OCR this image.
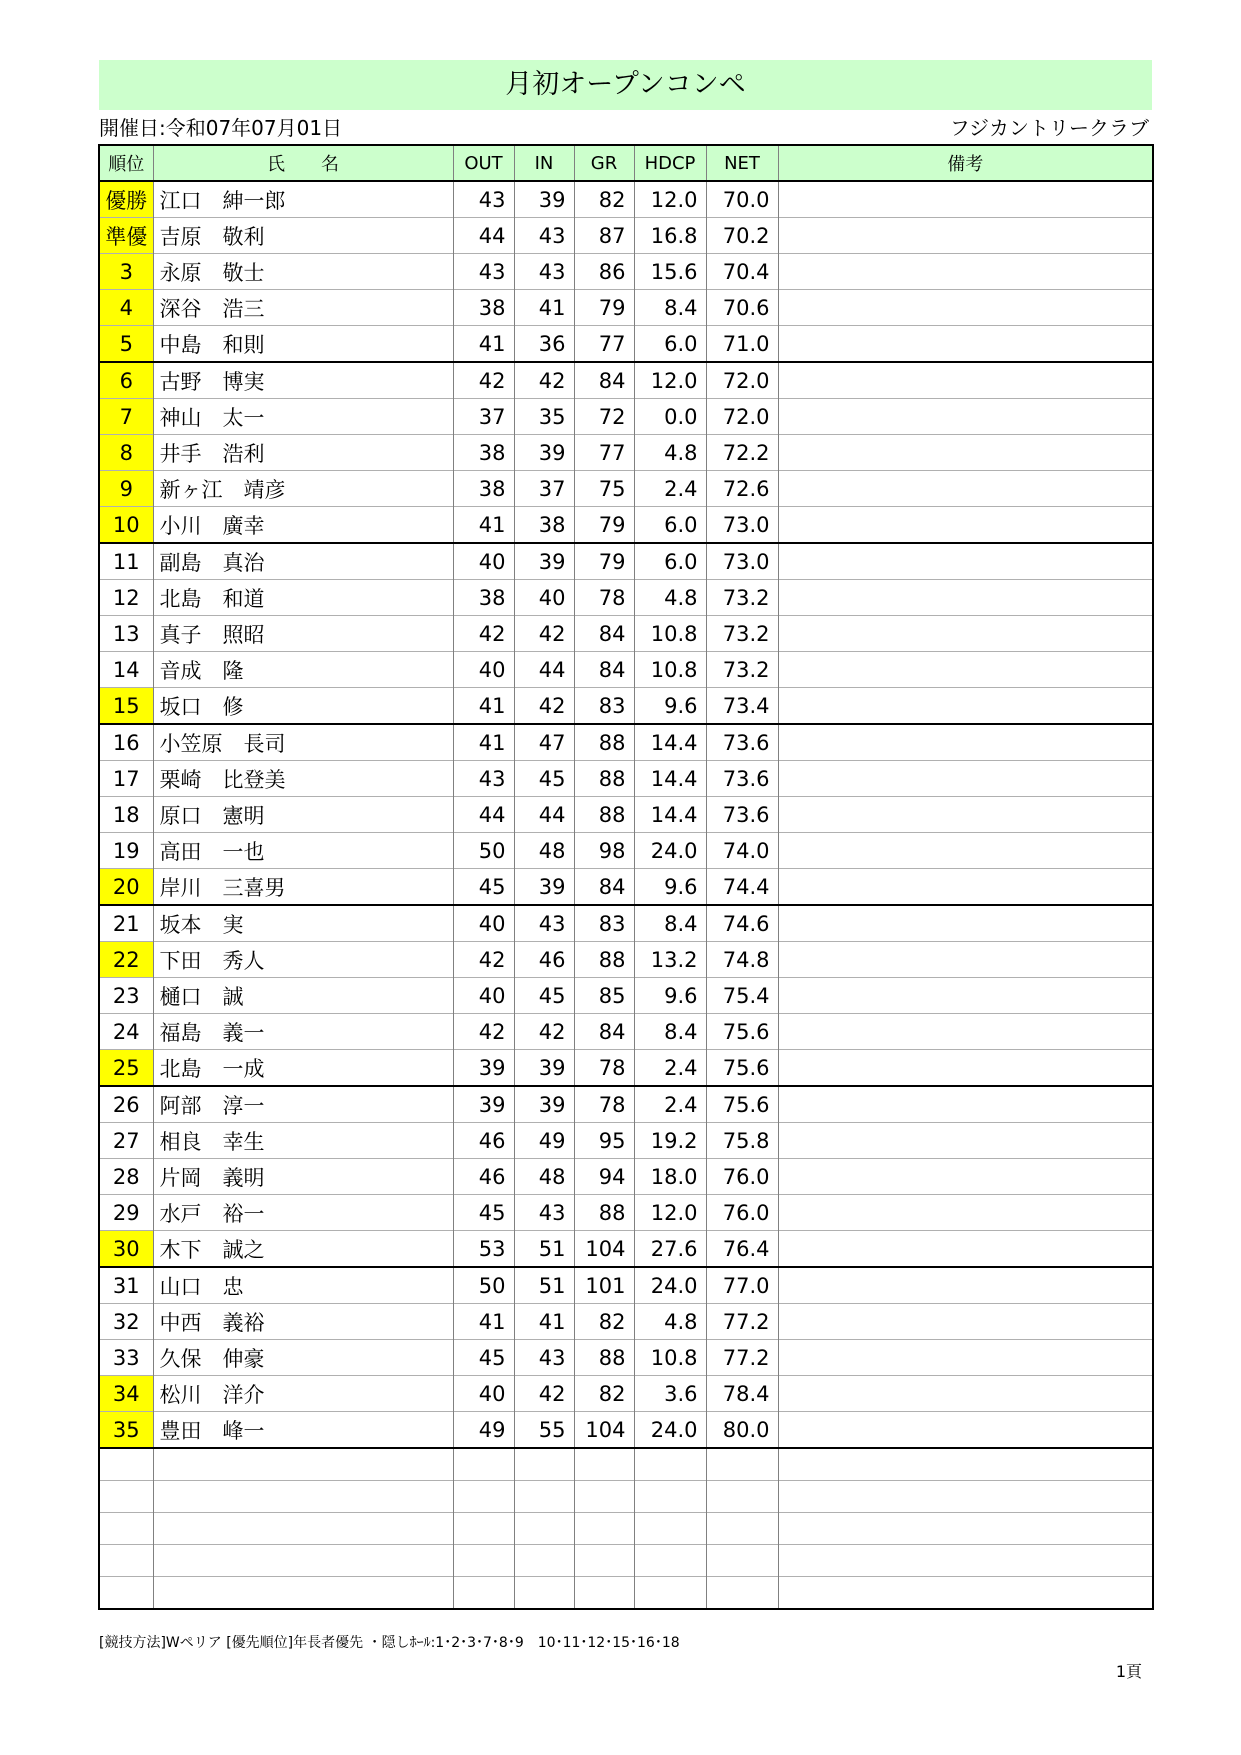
月初オープンコンペ
開催日:令和07年07月01日	フジカントリークラブ
順位	氏　　名	OUT	IN	GR	HDCP	NET	備考
優勝	江口　紳一郎	43	39	82	12.0	70.0	
準優	吉原　敬利	44	43	87	16.8	70.2	
3	永原　敬士	43	43	86	15.6	70.4	
4	深谷　浩三	38	41	79	8.4	70.6	
5	中島　和則	41	36	77	6.0	71.0	
6	古野　博実	42	42	84	12.0	72.0	
7	神山　太一	37	35	72	0.0	72.0	
8	井手　浩利	38	39	77	4.8	72.2	
9	新ヶ江　靖彦	38	37	75	2.4	72.6	
10	小川　廣幸	41	38	79	6.0	73.0	
11	副島　真治	40	39	79	6.0	73.0	
12	北島　和道	38	40	78	4.8	73.2	
13	真子　照昭	42	42	84	10.8	73.2	
14	音成　隆	40	44	84	10.8	73.2	
15	坂口　修	41	42	83	9.6	73.4	
16	小笠原　長司	41	47	88	14.4	73.6	
17	栗崎　比登美	43	45	88	14.4	73.6	
18	原口　憲明	44	44	88	14.4	73.6	
19	高田　一也	50	48	98	24.0	74.0	
20	岸川　三喜男	45	39	84	9.6	74.4	
21	坂本　実	40	43	83	8.4	74.6	
22	下田　秀人	42	46	88	13.2	74.8	
23	樋口　誠	40	45	85	9.6	75.4	
24	福島　義一	42	42	84	8.4	75.6	
25	北島　一成	39	39	78	2.4	75.6	
26	阿部　淳一	39	39	78	2.4	75.6	
27	相良　幸生	46	49	95	19.2	75.8	
28	片岡　義明	46	48	94	18.0	76.0	
29	水戸　裕一	45	43	88	12.0	76.0	
30	木下　誠之	53	51	104	27.6	76.4	
31	山口　忠	50	51	101	24.0	77.0	
32	中西　義裕	41	41	82	4.8	77.2	
33	久保　伸豪	45	43	88	10.8	77.2	
34	松川　洋介	40	42	82	3.6	78.4	
35	豊田　峰一	49	55	104	24.0	80.0	

[競技方法]Wペリア [優先順位]年長者優先 ・隠しﾎｰﾙ:1･2･3･7･8･9　10･11･12･15･16･18
1頁
